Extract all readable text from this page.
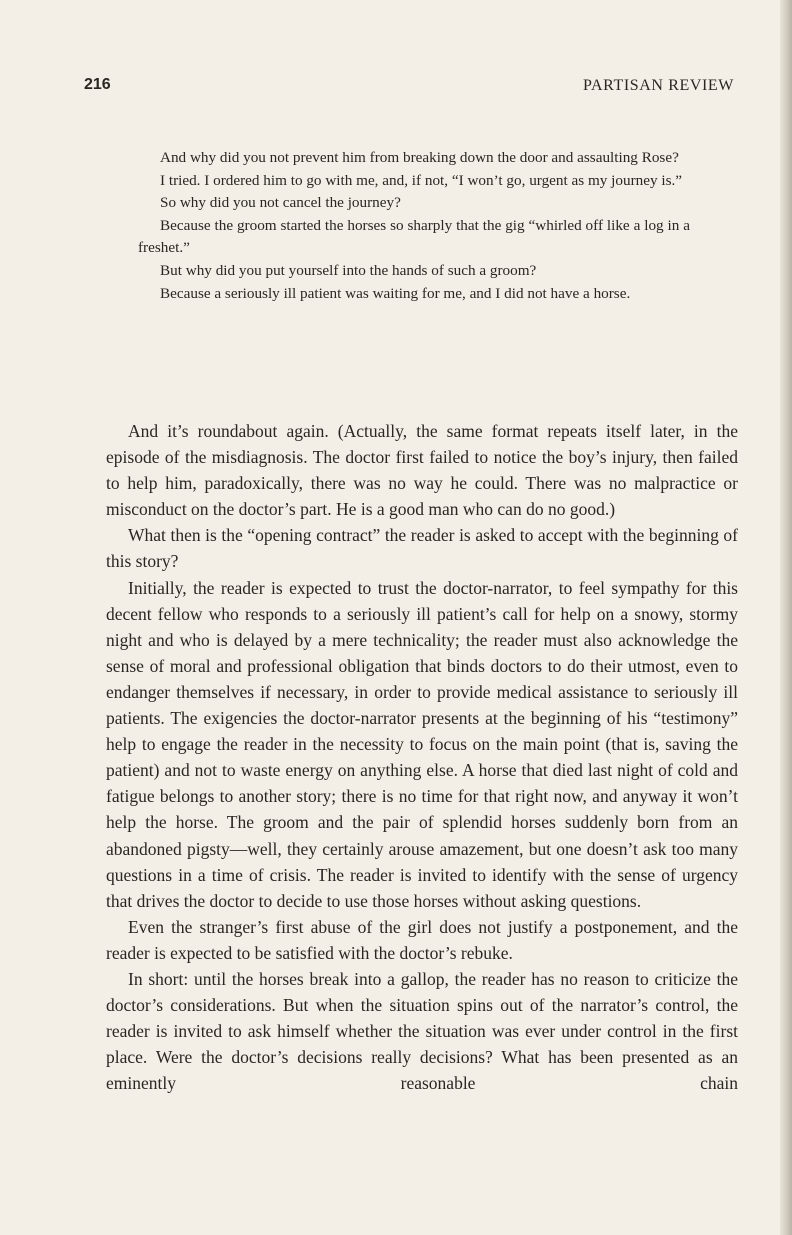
216	PARTISAN REVIEW

And why did you not prevent him from breaking down the door and assaulting Rose?

I tried. I ordered him to go with me, and, if not, “I won’t go, urgent as my journey is.”

So why did you not cancel the journey?

Because the groom started the horses so sharply that the gig “whirled off like a log in a freshet.”

But why did you put yourself into the hands of such a groom?

Because a seriously ill patient was waiting for me, and I did not have a horse.

And it’s roundabout again. (Actually, the same format repeats itself later, in the episode of the misdiagnosis. The doctor first failed to notice the boy’s injury, then failed to help him, paradoxically, there was no way he could. There was no malpractice or misconduct on the doctor’s part. He is a good man who can do no good.)

What then is the “opening contract” the reader is asked to accept with the beginning of this story?

Initially, the reader is expected to trust the doctor-narrator, to feel sympathy for this decent fellow who responds to a seriously ill patient’s call for help on a snowy, stormy night and who is delayed by a mere technicality; the reader must also acknowledge the sense of moral and professional obligation that binds doctors to do their utmost, even to endanger themselves if necessary, in order to provide medical assistance to seriously ill patients. The exigencies the doctor-narrator presents at the beginning of his “testimony” help to engage the reader in the necessity to focus on the main point (that is, saving the patient) and not to waste energy on anything else. A horse that died last night of cold and fatigue belongs to another story; there is no time for that right now, and anyway it won’t help the horse. The groom and the pair of splendid horses suddenly born from an abandoned pigsty—well, they certainly arouse amazement, but one doesn’t ask too many questions in a time of crisis. The reader is invited to identify with the sense of urgency that drives the doctor to decide to use those horses without asking questions.

Even the stranger’s first abuse of the girl does not justify a postponement, and the reader is expected to be satisfied with the doctor’s rebuke.

In short: until the horses break into a gallop, the reader has no reason to criticize the doctor’s considerations. But when the situation spins out of the narrator’s control, the reader is invited to ask himself whether the situation was ever under control in the first place. Were the doctor’s decisions really decisions? What has been presented as an eminently reasonable chain
